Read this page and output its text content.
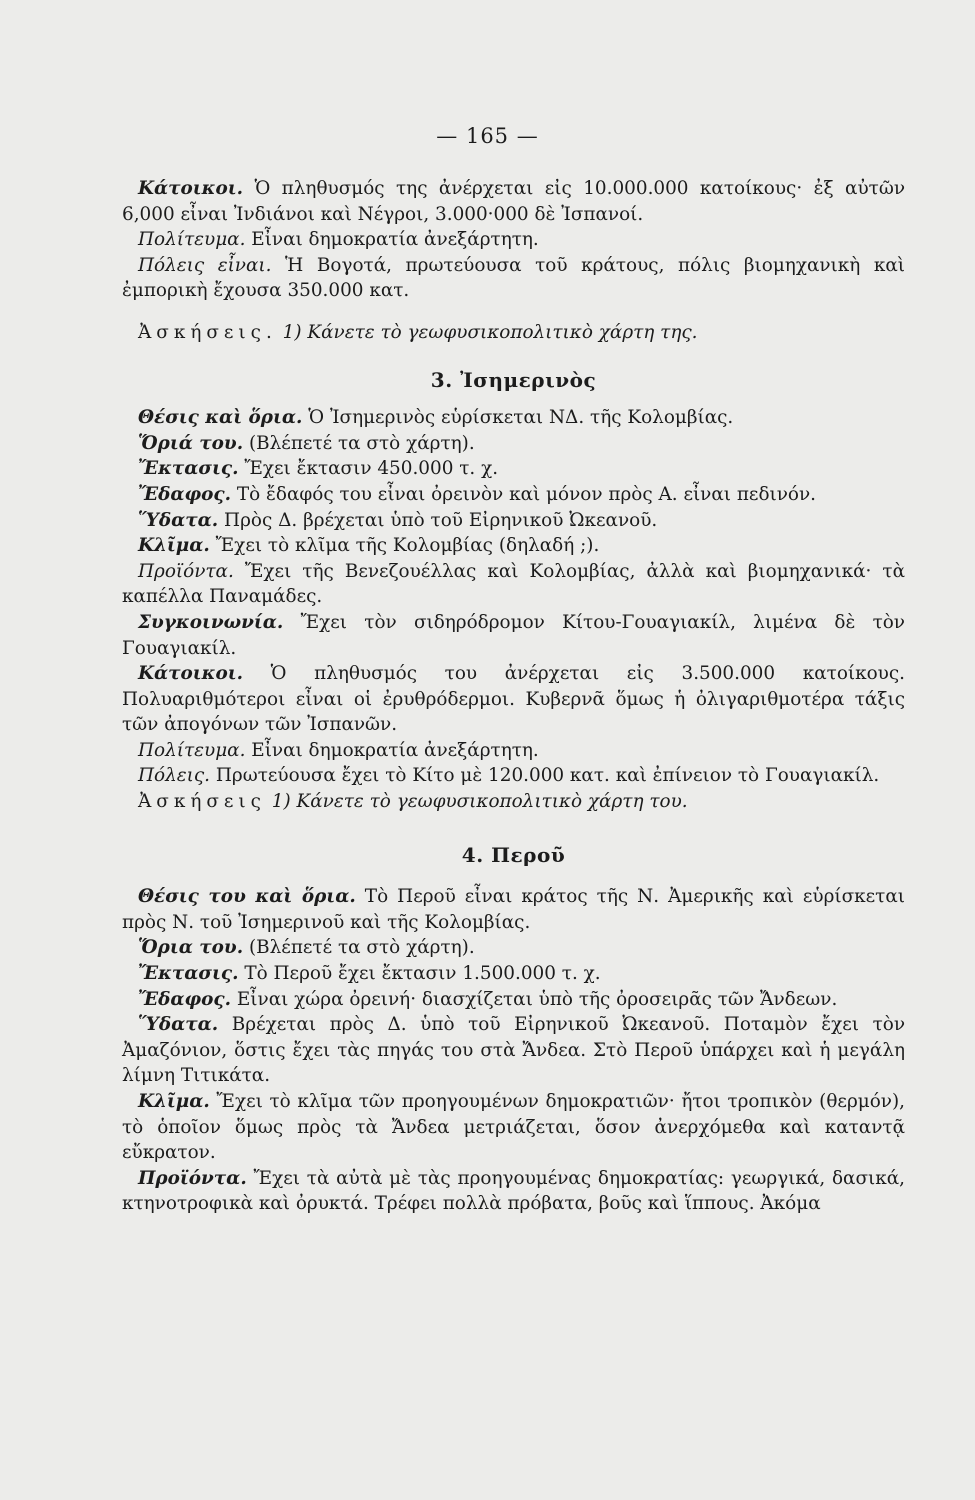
— 165 —

Κάτοικοι. Ὁ πληθυσμός της ἀνέρχεται εἰς 10.000.000 κατοίκους· ἐξ αὐτῶν 6,000 εἶναι Ἰνδιάνοι καὶ Νέγροι, 3.000·000 δὲ Ἰσπανοί.

Πολίτευμα. Εἶναι δημοκρατία ἀνεξάρτητη.

Πόλεις εἶναι. Ἡ Βογοτά, πρωτεύουσα τοῦ κράτους, πόλις βιομηχανικὴ καὶ ἐμπορικὴ ἔχουσα 350.000 κατ.

Ἀσκήσεις. 1) Κάνετε τὸ γεωφυσικοπολιτικὸ χάρτη της.

3. Ἰσημερινὸς

Θέσις καὶ ὅρια. Ὁ Ἰσημερινὸς εὑρίσκεται ΝΔ. τῆς Κολομβίας.

Ὅριά του. (Βλέπετέ τα στὸ χάρτη).

Ἔκτασις. Ἔχει ἔκτασιν 450.000 τ. χ.

Ἔδαφος. Τὸ ἔδαφός του εἶναι ὀρεινὸν καὶ μόνον πρὸς Α. εἶναι πεδινόν.

Ὕδατα. Πρὸς Δ. βρέχεται ὑπὸ τοῦ Εἰρηνικοῦ Ὠκεανοῦ.

Κλῖμα. Ἔχει τὸ κλῖμα τῆς Κολομβίας (δηλαδή ;).

Προϊόντα. Ἔχει τῆς Βενεζουέλλας καὶ Κολομβίας, ἀλλὰ καὶ βιομηχανικά· τὰ καπέλλα Παναμάδες.

Συγκοινωνία. Ἔχει τὸν σιδηρόδρομον Κίτου-Γουαγιακίλ, λιμένα δὲ τὸν Γουαγιακίλ.

Κάτοικοι. Ὁ πληθυσμός του ἀνέρχεται εἰς 3.500.000 κατοίκους. Πολυαριθμότεροι εἶναι οἱ ἐρυθρόδερμοι. Κυβερνᾶ ὅμως ἡ ὀλιγαριθμοτέρα τάξις τῶν ἀπογόνων τῶν Ἰσπανῶν.

Πολίτευμα. Εἶναι δημοκρατία ἀνεξάρτητη.

Πόλεις. Πρωτεύουσα ἔχει τὸ Κίτο μὲ 120.000 κατ. καὶ ἐπίνειον τὸ Γουαγιακίλ.

Ἀσκήσεις 1) Κάνετε τὸ γεωφυσικοπολιτικὸ χάρτη του.

4. Περοῦ

Θέσις του καὶ ὅρια. Τὸ Περοῦ εἶναι κράτος τῆς Ν. Ἀμερικῆς καὶ εὑρίσκεται πρὸς Ν. τοῦ Ἰσημερινοῦ καὶ τῆς Κολομβίας.

Ὅρια του. (Βλέπετέ τα στὸ χάρτη).

Ἔκτασις. Τὸ Περοῦ ἔχει ἔκτασιν 1.500.000 τ. χ.

Ἔδαφος. Εἶναι χώρα ὀρεινή· διασχίζεται ὑπὸ τῆς ὀροσειρᾶς τῶν Ἄνδεων.

Ὕδατα. Βρέχεται πρὸς Δ. ὑπὸ τοῦ Εἰρηνικοῦ Ὠκεανοῦ. Ποταμὸν ἔχει τὸν Ἀμαζόνιον, ὅστις ἔχει τὰς πηγάς του στὰ Ἄνδεα. Στὸ Περοῦ ὑπάρχει καὶ ἡ μεγάλη λίμνη Τιτικάτα.

Κλῖμα. Ἔχει τὸ κλῖμα τῶν προηγουμένων δημοκρατιῶν· ἤτοι τροπικὸν (θερμόν), τὸ ὁποῖον ὅμως πρὸς τὰ Ἄνδεα μετριάζεται, ὅσον ἀνερχόμεθα καὶ καταντᾷ εὔκρατον.

Προϊόντα. Ἔχει τὰ αὐτὰ μὲ τὰς προηγουμένας δημοκρατίας: γεωργικά, δασικά, κτηνοτροφικὰ καὶ ὀρυκτά. Τρέφει πολλὰ πρόβατα, βοῦς καὶ ἵππους. Ἀκόμα
